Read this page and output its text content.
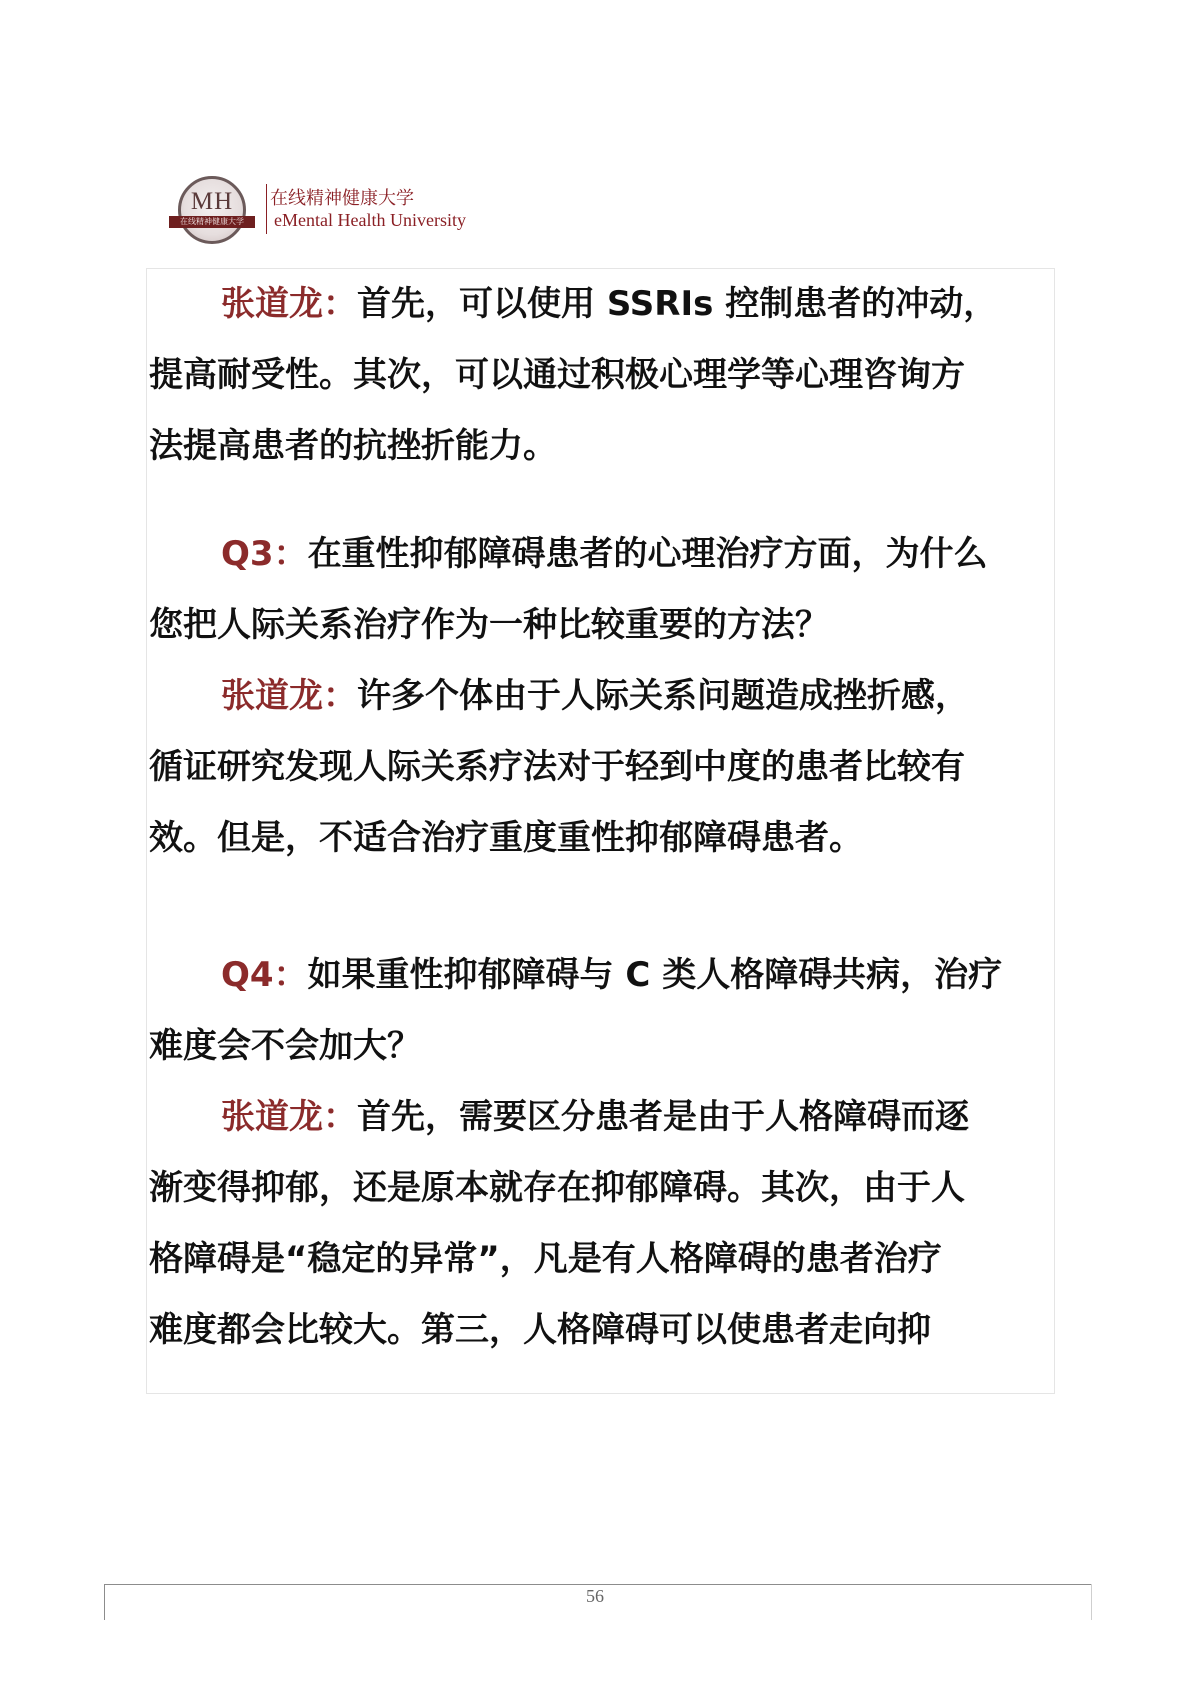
MH
在线精神健康大学
在线精神健康大学
eMental Health University
张道龙：首先，可以使用 SSRIs 控制患者的冲动，
提高耐受性。其次，可以通过积极心理学等心理咨询方
法提高患者的抗挫折能力。
Q3：在重性抑郁障碍患者的心理治疗方面，为什么
您把人际关系治疗作为一种比较重要的方法？
张道龙：许多个体由于人际关系问题造成挫折感，
循证研究发现人际关系疗法对于轻到中度的患者比较有
效。但是，不适合治疗重度重性抑郁障碍患者。
Q4：如果重性抑郁障碍与 C 类人格障碍共病，治疗
难度会不会加大？
张道龙：首先，需要区分患者是由于人格障碍而逐
渐变得抑郁，还是原本就存在抑郁障碍。其次，由于人
格障碍是“稳定的异常”，凡是有人格障碍的患者治疗
难度都会比较大。第三，人格障碍可以使患者走向抑
56
